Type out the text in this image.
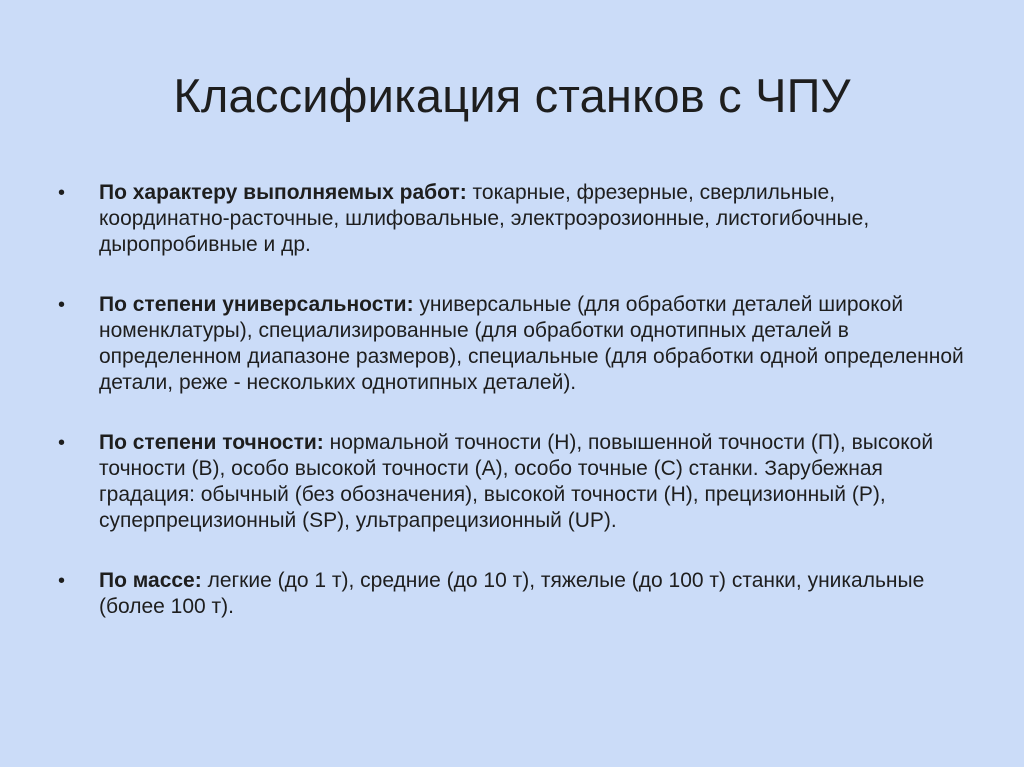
Классификация станков с ЧПУ
•	По характеру выполняемых работ: токарные, фрезерные, сверлильные, координатно-расточные, шлифовальные, электроэрозионные, листогибочные, дыропробивные и др.
•	По степени универсальности: универсальные (для обработки деталей широкой номенклатуры), специализированные (для обработки однотипных деталей в определенном диапазоне размеров), специальные (для обработки одной определенной детали, реже - нескольких однотипных деталей).
•	По степени точности: нормальной точности (Н), повышенной точности (П), высокой точности (В), особо высокой точности (А), особо точные (С) станки. Зарубежная градация: обычный (без обозначения), высокой точности (Н), прецизионный (Р), суперпрецизионный (SP), ультрапрецизионный (UP).
•	По массе: легкие (до 1 т), средние (до 10 т), тяжелые (до 100 т) станки, уникальные (более 100 т).
